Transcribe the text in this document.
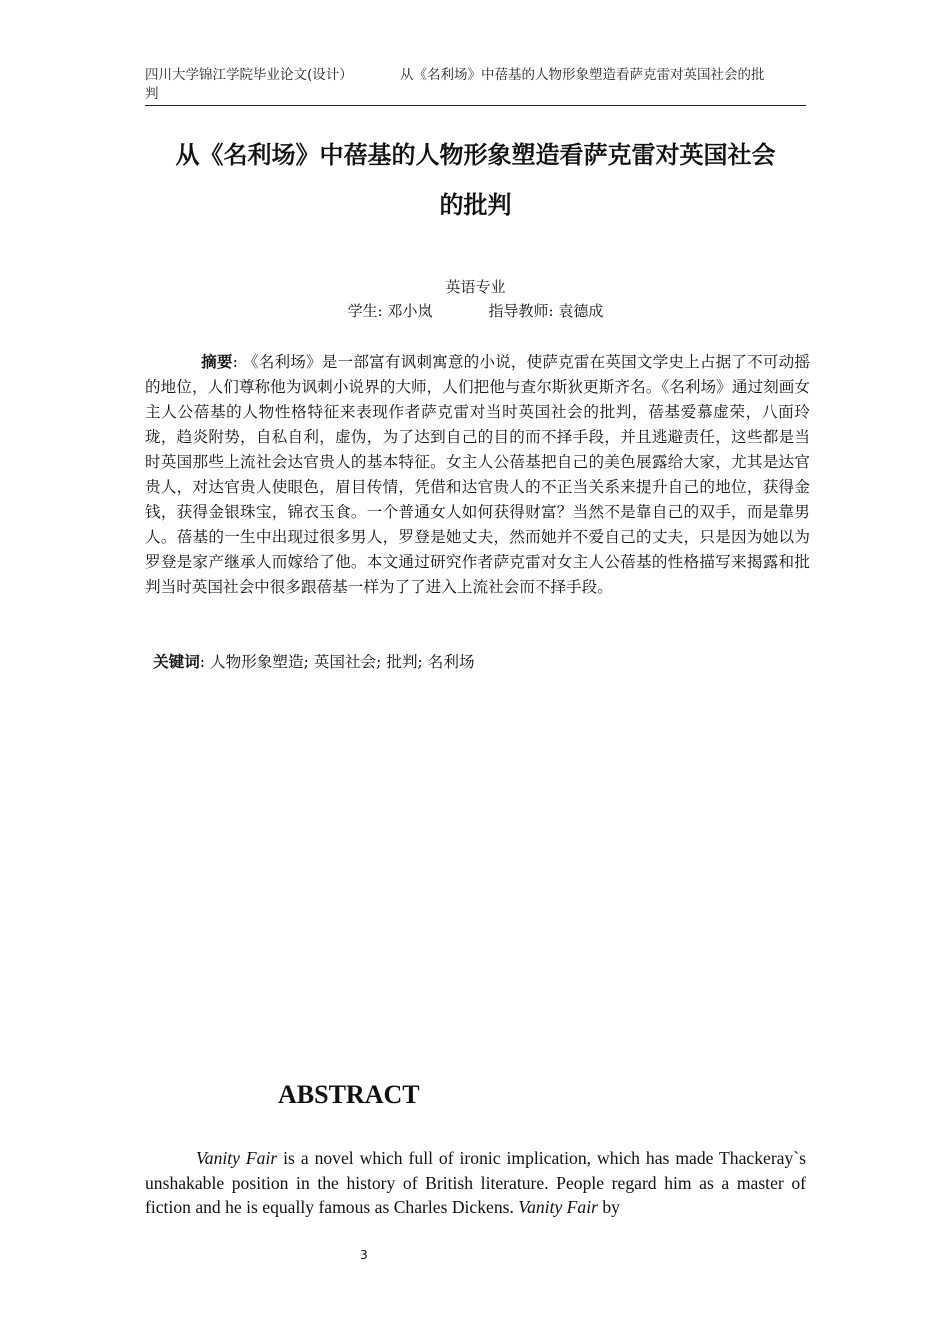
四川大学锦江学院毕业论文(设计）	从《名利场》中蓓基的人物形象塑造看萨克雷对英国社会的批
判
从《名利场》中蓓基的人物形象塑造看萨克雷对英国社会
的批判
英语专业
学生: 邓小岚	指导教师: 袁德成
摘要: 《名利场》是一部富有讽刺寓意的小说，使萨克雷在英国文学史上占据了不可动摇的地位，人们尊称他为讽刺小说界的大师，人们把他与查尔斯狄更斯齐名。《名利场》通过刻画女主人公蓓基的人物性格特征来表现作者萨克雷对当时英国社会的批判，蓓基爱慕虚荣，八面玲珑，趋炎附势，自私自利，虚伪，为了达到自己的目的而不择手段，并且逃避责任，这些都是当时英国那些上流社会达官贵人的基本特征。女主人公蓓基把自己的美色展露给大家，尤其是达官贵人，对达官贵人使眼色，眉目传情，凭借和达官贵人的不正当关系来提升自己的地位，获得金钱，获得金银珠宝，锦衣玉食。一个普通女人如何获得财富？当然不是靠自己的双手，而是靠男人。蓓基的一生中出现过很多男人，罗登是她丈夫，然而她并不爱自己的丈夫，只是因为她以为罗登是家产继承人而嫁给了他。本文通过研究作者萨克雷对女主人公蓓基的性格描写来揭露和批判当时英国社会中很多跟蓓基一样为了了进入上流社会而不择手段。
关键词: 人物形象塑造; 英国社会; 批判; 名利场
ABSTRACT
Vanity Fair is a novel which full of ironic implication, which has made Thackeray`s unshakable position in the history of British literature. People regard him as a master of fiction and he is equally famous as Charles Dickens. Vanity Fair by
3
